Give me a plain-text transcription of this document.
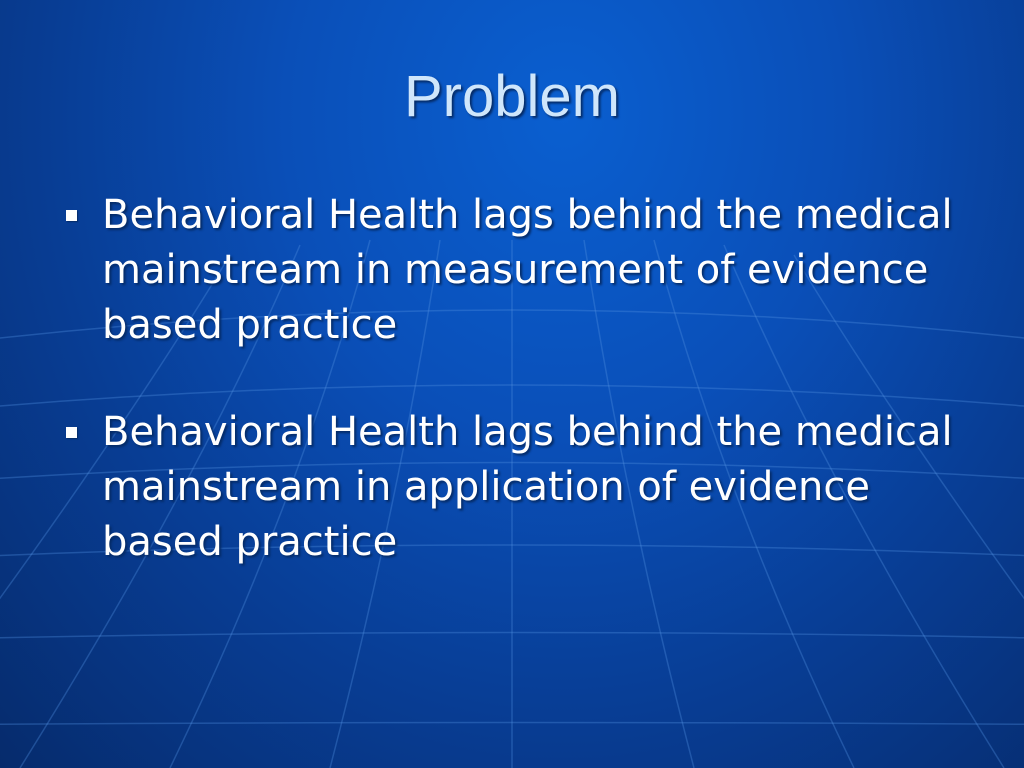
Problem
Behavioral Health lags behind the medical mainstream in measurement of evidence based practice
Behavioral Health lags behind the medical mainstream in application of evidence based practice
